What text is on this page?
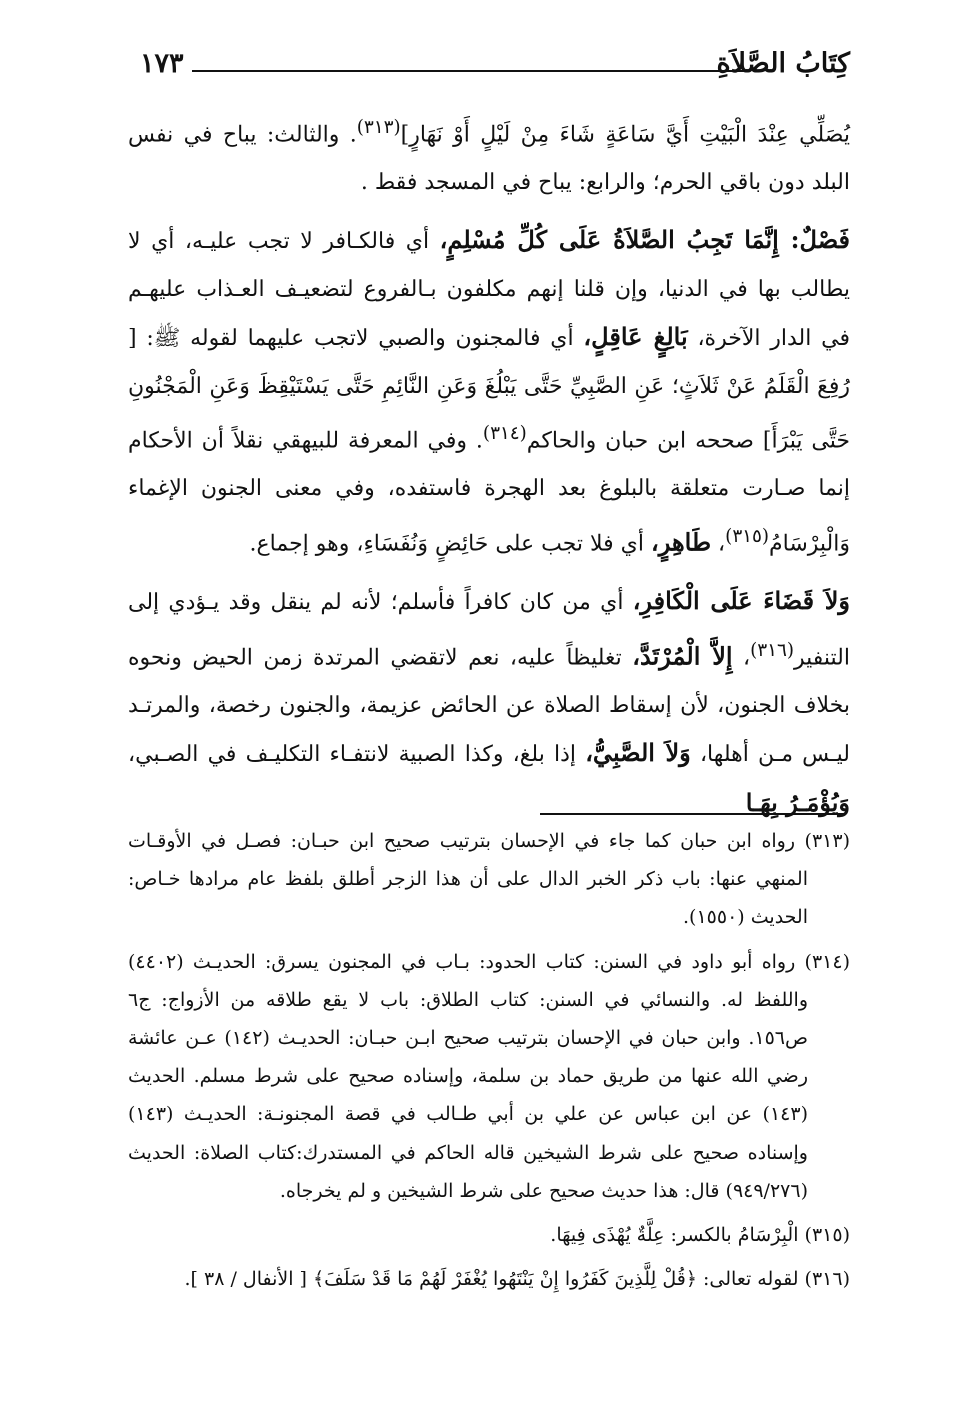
كِتَابُ الصَّلاَةِ
١٧٣

يُصَلِّي عِنْدَ الْبَيْتِ أَيَّ سَاعَةٍ شَاءَ مِنْ لَيْلٍ أَوْ نَهَارٍ]$^{(٣١٣)}$. والثالث: يباح في نفس البلد دون باقي الحرم؛ والرابع: يباح في المسجد فقط .

فَصْلٌ: إِنَّمَا تَجِبُ الصَّلاَةُ عَلَى كُلِّ مُسْلِمٍ، أي فالكـافر لا تجب عليـه، أي لا يطالب بها في الدنيا، وإن قلنا إنهم مكلفون بـالفروع لتضعيـف العـذاب عليهـم في الدار الآخرة، بَالِغٍ عَاقِلٍ، أي فالمجنون والصبي لاتجب عليهما لقوله ﷺ: [ رُفِعَ الْقَلَمُ عَنْ ثَلاَثٍ؛ عَنِ الصَّبِيِّ حَتَّى يَبْلُغَ وَعَنِ النَّائِمِ حَتَّى يَسْتَيْقِظَ وَعَنِ الْمَجْنُونِ حَتَّى يَبْرَأَ] صححه ابن حبان والحاكم$^{(٣١٤)}$. وفي المعرفة للبيهقي نقلاً أن الأحكام إنما صـارت متعلقة بالبلوغ بعد الهجرة فاستفده، وفي معنى الجنون الإغماء وَالْبِرْسَامُ$^{(٣١٥)}$، طَاهِرٍ، أي فلا تجب على حَائِضٍ وَنُفَسَاءِ، وهو إجماع.

وَلاَ قَضَاءَ عَلَى الْكَافِرِ، أي من كان كافراً فأسلم؛ لأنه لم ينقل وقد يـؤدي إلى التنفير$^{(٣١٦)}$، إِلاَّ الْمُرْتَدَّ، تغليظاً عليه، نعم لاتقضي المرتدة زمن الحيض ونحوه بخلاف الجنون، لأن إسقاط الصلاة عن الحائض عزيمة، والجنون رخصة، والمرتـد ليـس مـن أهلها، وَلاَ الصَّبِيُّ، إذا بلغ، وكذا الصبية لانتفـاء التكليـف في الصـبي، وَيُؤْمَـرُ بِهَـا

(٣١٣) رواه ابن حبان كما جاء في الإحسان بترتيب صحيح ابن حبـان: فصـل في الأوقـات المنهي عنها: باب ذكر الخبر الدال على أن هذا الزجر أطلق بلفظ عام مرادها خـاص: الحديث (١٥٥٠).

(٣١٤) رواه أبو داود في السنن: كتاب الحدود: بـاب في المجنون يسرق: الحديـث (٤٤٠٢) واللفظ له. والنسائي في السنن: كتاب الطلاق: باب لا يقع طلاقه من الأزواج: ج٦ ص١٥٦. وابن حبان في الإحسان بترتيب صحيح ابـن حبـان: الحديـث (١٤٢) عـن عائشة رضي الله عنها من طريق حماد بن سلمة، وإسناده صحيح على شرط مسلم. الحديث (١٤٣) عن ابن عباس عن علي بن أبي طـالب في قصة المجنونـة: الحديـث (١٤٣) وإسناده صحيح على شرط الشيخين قاله الحاكم في المستدرك:كتاب الصلاة: الحديث (٩٤٩/٢٧٦) قال: هذا حديث صحيح على شرط الشيخين و لم يخرجاه.

(٣١٥) الْبِرْسَامُ بالكسر: عِلَّةٌ يُهْذَى فِيهَا.

(٣١٦) لقوله تعالى: ﴿قُلْ لِلَّذِينَ كَفَرُوا إِنْ يَنْتَهُوا يُغْفَرْ لَهُمْ مَا قَدْ سَلَفَ﴾ [ الأنفال / ٣٨ ].
